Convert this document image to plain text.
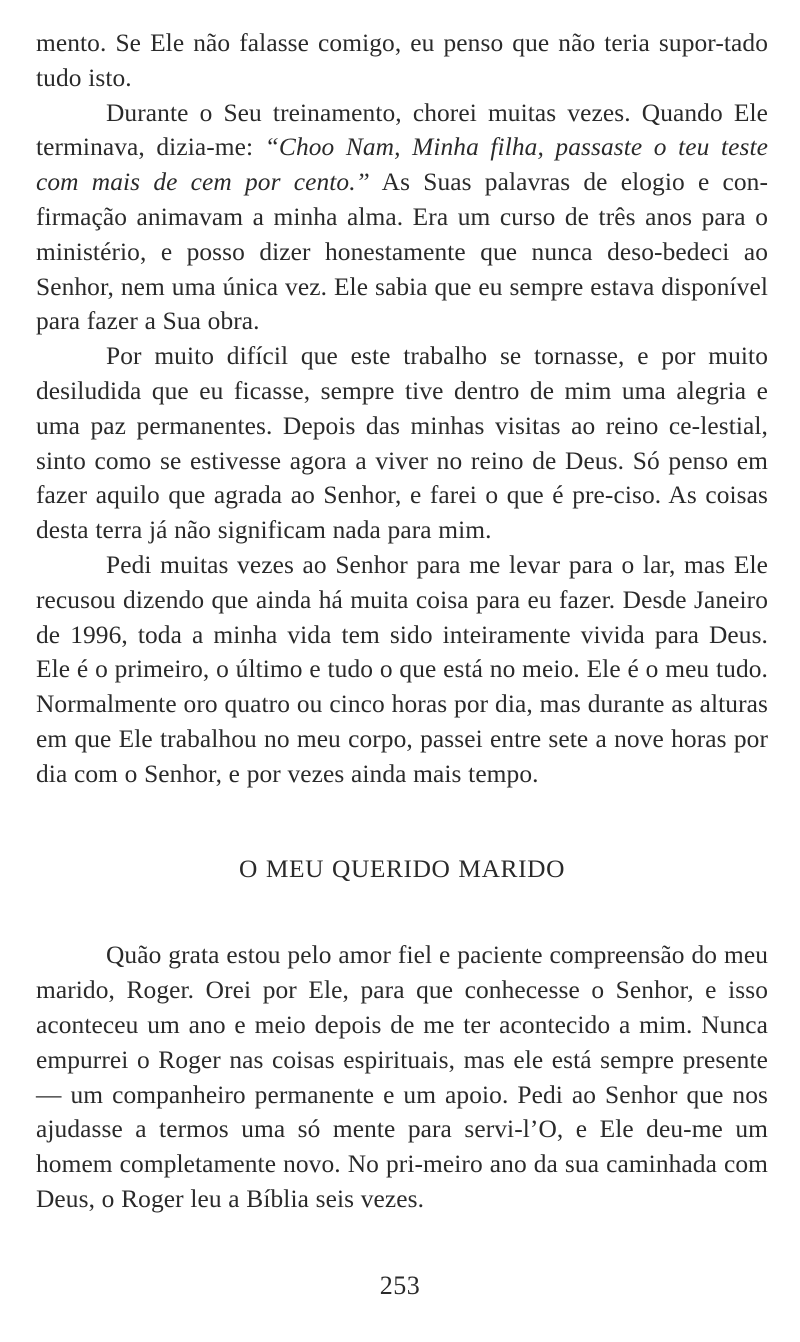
mento. Se Ele não falasse comigo, eu penso que não teria supor-tado tudo isto.

Durante o Seu treinamento, chorei muitas vezes. Quando Ele terminava, dizia-me: “Choo Nam, Minha filha, passaste o teu teste com mais de cem por cento.” As Suas palavras de elogio e con-firmação animavam a minha alma. Era um curso de três anos para o ministério, e posso dizer honestamente que nunca deso-bedeci ao Senhor, nem uma única vez. Ele sabia que eu sempre estava disponível para fazer a Sua obra.

Por muito difícil que este trabalho se tornasse, e por muito desiludida que eu ficasse, sempre tive dentro de mim uma alegria e uma paz permanentes. Depois das minhas visitas ao reino ce-lestial, sinto como se estivesse agora a viver no reino de Deus. Só penso em fazer aquilo que agrada ao Senhor, e farei o que é pre-ciso. As coisas desta terra já não significam nada para mim.

Pedi muitas vezes ao Senhor para me levar para o lar, mas Ele recusou dizendo que ainda há muita coisa para eu fazer. Desde Janeiro de 1996, toda a minha vida tem sido inteiramente vivida para Deus. Ele é o primeiro, o último e tudo o que está no meio. Ele é o meu tudo. Normalmente oro quatro ou cinco horas por dia, mas durante as alturas em que Ele trabalhou no meu corpo, passei entre sete a nove horas por dia com o Senhor, e por vezes ainda mais tempo.

O MEU QUERIDO MARIDO

Quão grata estou pelo amor fiel e paciente compreensão do meu marido, Roger. Orei por Ele, para que conhecesse o Senhor, e isso aconteceu um ano e meio depois de me ter acontecido a mim. Nunca empurrei o Roger nas coisas espirituais, mas ele está sempre presente — um companheiro permanente e um apoio. Pedi ao Senhor que nos ajudasse a termos uma só mente para servi-l’O, e Ele deu-me um homem completamente novo. No pri-meiro ano da sua caminhada com Deus, o Roger leu a Bíblia seis vezes.

253
